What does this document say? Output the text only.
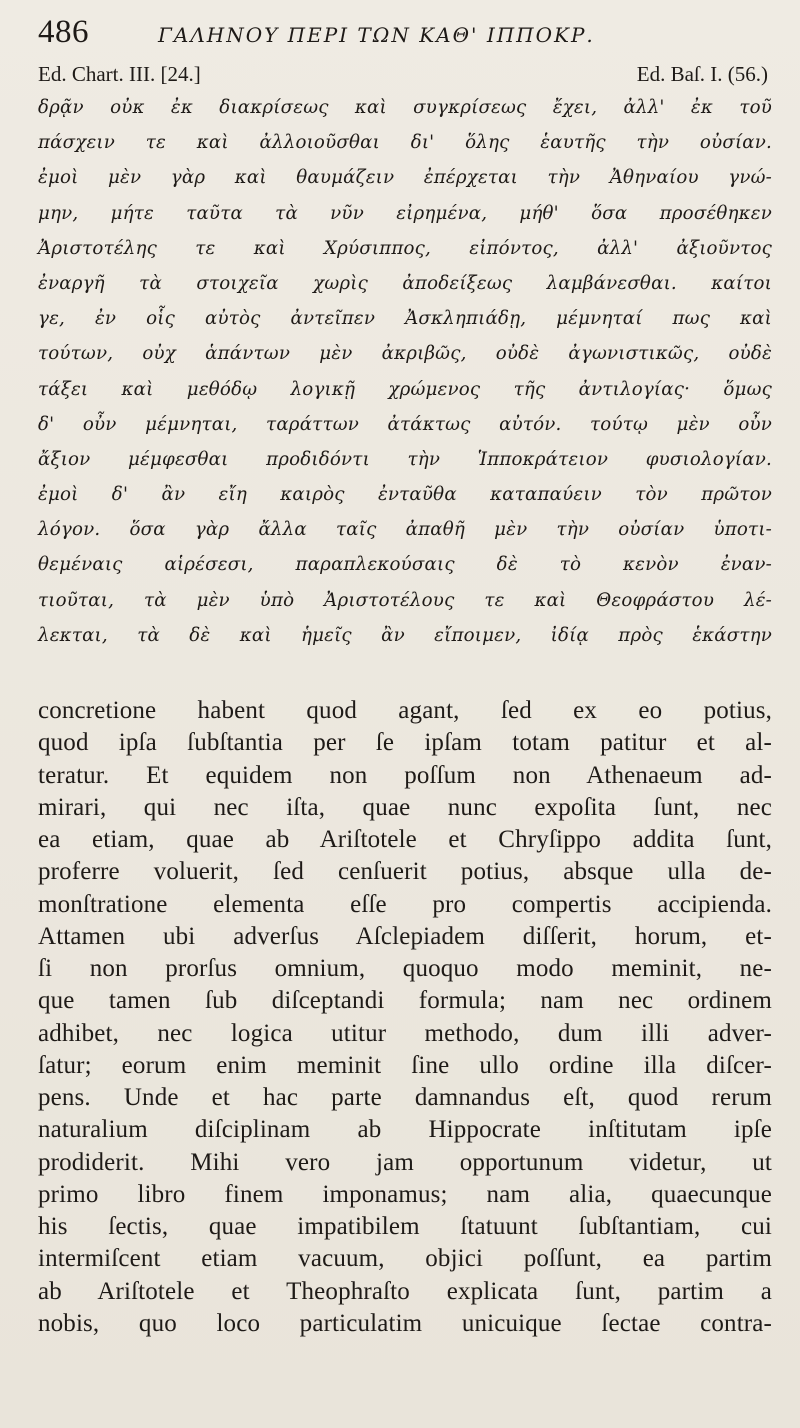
486	ΓΑΛΗΝΟΥ ΠΕΡΙ ΤΩΝ ΚΑΘ' ΙΠΠΟΚΡ.
Ed. Chart. III. [24.]	Ed. Baſ. I. (56.)
δρᾷν οὐκ ἐκ διακρίσεως καὶ συγκρίσεως ἔχει, ἀλλ' ἐκ τοῦ
πάσχειν τε καὶ ἀλλοιοῦσθαι δι' ὅλης ἑαυτῆς τὴν οὐσίαν.
ἐμοὶ μὲν γὰρ καὶ θαυμάζειν ἐπέρχεται τὴν Ἀθηναίου γνώ-
μην, μήτε ταῦτα τὰ νῦν εἰρημένα, μήθ' ὅσα προσέθηκεν
Ἀριστοτέλης τε καὶ Χρύσιππος, εἰπόντος, ἀλλ' ἀξιοῦντος
ἐναργῆ τὰ στοιχεῖα χωρὶς ἀποδείξεως λαμβάνεσθαι. καίτοι
γε, ἐν οἷς αὐτὸς ἀντεῖπεν Ἀσκληπιάδῃ, μέμνηταί πως καὶ
τούτων, οὐχ ἁπάντων μὲν ἀκριβῶς, οὐδὲ ἀγωνιστικῶς, οὐδὲ
τάξει καὶ μεθόδῳ λογικῇ χρώμενος τῆς ἀντιλογίας· ὅμως
δ' οὖν μέμνηται, ταράττων ἀτάκτως αὐτόν. τούτῳ μὲν οὖν
ἄξιον μέμφεσθαι προδιδόντι τὴν Ἱπποκράτειον φυσιολογίαν.
ἐμοὶ δ' ἂν εἴη καιρὸς ἐνταῦθα καταπαύειν τὸν πρῶτον
λόγον. ὅσα γὰρ ἄλλα ταῖς ἀπαθῆ μὲν τὴν οὐσίαν ὑποτι-
θεμέναις αἱρέσεσι, παραπλεκούσαις δὲ τὸ κενὸν ἐναν-
τιοῦται, τὰ μὲν ὑπὸ Ἀριστοτέλους τε καὶ Θεοφράστου λέ-
λεκται, τὰ δὲ καὶ ἡμεῖς ἂν εἴποιμεν, ἰδίᾳ πρὸς ἑκάστην
concretione habent quod agant, ſed ex eo potius,
quod ipſa ſubſtantia per ſe ipſam totam patitur et al-
teratur. Et equidem non poſſum non Athenaeum ad-
mirari, qui nec iſta, quae nunc expoſita ſunt, nec
ea etiam, quae ab Ariſtotele et Chryſippo addita ſunt,
proferre voluerit, ſed cenſuerit potius, absque ulla de-
monſtratione elementa eſſe pro compertis accipienda.
Attamen ubi adverſus Aſclepiadem diſſerit, horum, et-
ſi non prorſus omnium, quoquo modo meminit, ne-
que tamen ſub diſceptandi formula; nam nec ordinem
adhibet, nec logica utitur methodo, dum illi adver-
ſatur; eorum enim meminit ſine ullo ordine illa diſcer-
pens. Unde et hac parte damnandus eſt, quod rerum
naturalium diſciplinam ab Hippocrate inſtitutam ipſe
prodiderit. Mihi vero jam opportunum videtur, ut
primo libro finem imponamus; nam alia, quaecunque
his ſectis, quae impatibilem ſtatuunt ſubſtantiam, cui
intermiſcent etiam vacuum, objici poſſunt, ea partim
ab Ariſtotele et Theophraſto explicata ſunt, partim a
nobis, quo loco particulatim unicuique ſectae contra-
